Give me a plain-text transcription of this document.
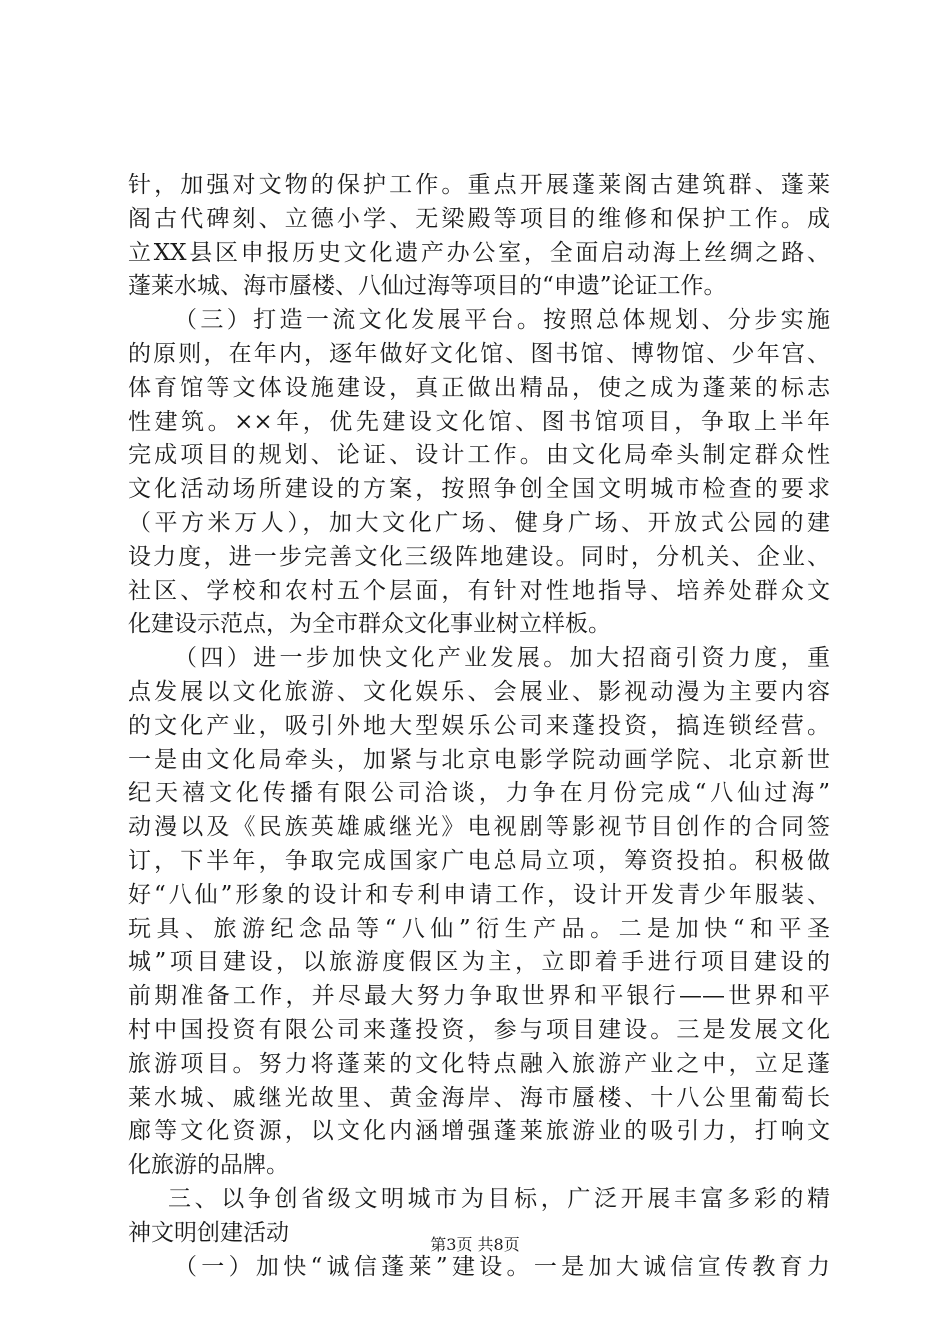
针，加强对文物的保护工作。重点开展蓬莱阁古建筑群、蓬莱
阁古代碑刻、立德小学、无梁殿等项目的维修和保护工作。成
立XX县区申报历史文化遗产办公室，全面启动海上丝绸之路、
蓬莱水城、海市蜃楼、八仙过海等项目的“申遗”论证工作。
（三）打造一流文化发展平台。按照总体规划、分步实施
的原则，在年内，逐年做好文化馆、图书馆、博物馆、少年宫、
体育馆等文体设施建设，真正做出精品，使之成为蓬莱的标志
性建筑。××年，优先建设文化馆、图书馆项目，争取上半年
完成项目的规划、论证、设计工作。由文化局牵头制定群众性
文化活动场所建设的方案，按照争创全国文明城市检查的要求
（平方米万人），加大文化广场、健身广场、开放式公园的建
设力度，进一步完善文化三级阵地建设。同时，分机关、企业、
社区、学校和农村五个层面，有针对性地指导、培养处群众文
化建设示范点，为全市群众文化事业树立样板。
（四）进一步加快文化产业发展。加大招商引资力度，重
点发展以文化旅游、文化娱乐、会展业、影视动漫为主要内容
的文化产业，吸引外地大型娱乐公司来蓬投资，搞连锁经营。
一是由文化局牵头，加紧与北京电影学院动画学院、北京新世
纪天禧文化传播有限公司洽谈，力争在月份完成“八仙过海”
动漫以及《民族英雄戚继光》电视剧等影视节目创作的合同签
订，下半年，争取完成国家广电总局立项，筹资投拍。积极做
好“八仙”形象的设计和专利申请工作，设计开发青少年服装、
玩具、旅游纪念品等“八仙”衍生产品。二是加快“和平圣
城”项目建设，以旅游度假区为主，立即着手进行项目建设的
前期准备工作，并尽最大努力争取世界和平银行——世界和平
村中国投资有限公司来蓬投资，参与项目建设。三是发展文化
旅游项目。努力将蓬莱的文化特点融入旅游产业之中，立足蓬
莱水城、戚继光故里、黄金海岸、海市蜃楼、十八公里葡萄长
廊等文化资源，以文化内涵增强蓬莱旅游业的吸引力，打响文
化旅游的品牌。
三、以争创省级文明城市为目标，广泛开展丰富多彩的精
神文明创建活动
（一）加快“诚信蓬莱”建设。一是加大诚信宣传教育力
第3页 共8页
